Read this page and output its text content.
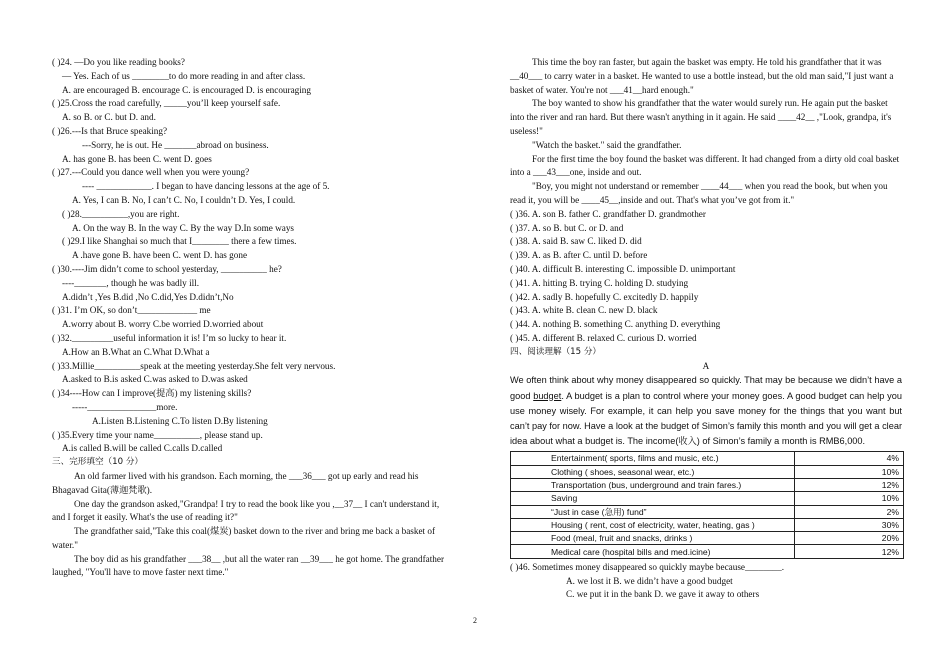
( )24. —Do you like reading books?
— Yes. Each of us ________to do more reading in and after class.
A. are encouraged B. encourage C. is encouraged D. is encouraging
( )25.Cross the road carefully, _____you’ll keep yourself safe.
A. so B. or C. but D. and.
( )26.---Is that Bruce speaking?
---Sorry, he is out. He _______abroad on business.
A. has gone B. has been C. went D. goes
( )27.---Could you dance well when you were young?
---- ____________. I began to have dancing lessons at the age of 5.
A. Yes, I can B. No, I can’t C. No, I couldn’t D. Yes, I could.
( )28.__________,you are right.
A. On the way B. In the way C. By the way D.In some ways
( )29.I like Shanghai so much that I________ there a few times.
A .have gone B. have been C. went D. has gone
( )30.----Jim didn’t come to school yesterday, __________ he?
----_______, though he was badly ill.
A.didn’t ,Yes B.did ,No C.did,Yes D.didn’t,No
( )31. I’m OK, so don’t_____________ me
A.worry about B. worry C.be worried D.worried about
( )32._________useful information it is! I’m so lucky to hear it.
A.How an B.What an C.What D.What a
( )33.Millie__________speak at the meeting yesterday.She felt very nervous.
A.asked to B.is asked C.was asked to D.was asked
( )34----How can I improve(提高) my listening skills?
-----_______________more.
A.Listen B.Listening C.To listen D.By listening
( )35.Every time your name__________, please stand up.
A.is called B.will be called C.calls D.called
三、完形填空（10 分）
An old farmer lived with his grandson. Each morning, the ___36___ got up early and read his Bhagavad Gita(薄迦梵歌).
One day the grandson asked,"Grandpa! I try to read the book like you ,__37__ I can't understand it, and I forget it easily. What's the use of reading it?"
The grandfather said,"Take this coal(煤炭) basket down to the river and bring me back a basket of water."
The boy did as his grandfather ___38__ ,but all the water ran __39___ he got home. The grandfather laughed, "You'll have to move faster next time."
This time the boy ran faster, but again the basket was empty. He told his grandfather that it was __40___ to carry water in a basket. He wanted to use a bottle instead, but the old man said,"I just want a basket of water. You're not ___41__hard enough."
The boy wanted to show his grandfather that the water would surely run. He again put the basket into the river and ran hard. But there wasn't anything in it again. He said ____42__ ,"Look, grandpa, it's useless!"
"Watch the basket." said the grandfather.
For the first time the boy found the basket was different. It had changed from a dirty old coal basket into a ___43___one, inside and out.
"Boy, you might not understand or remember ____44___ when you read the book, but when you read it, you will be ____45__,inside and out. That's what you’ve got from it."
( )36. A. son B. father C. grandfather D. grandmother
( )37. A. so B. but C. or D. and
( )38. A. said B. saw C. liked D. did
( )39. A. as B. after C. until D. before
( )40. A. difficult B. interesting C. impossible D. unimportant
( )41. A. hitting B. trying C. holding D. studying
( )42. A. sadly B. hopefully C. excitedly D. happily
( )43. A. white B. clean C. new D. black
( )44. A. nothing B. something C. anything D. everything
( )45. A. different B. relaxed C. curious D. worried
四、阅读理解（15 分）
A
We often think about why money disappeared so quickly. That may be because we didn’t have a good budget. A budget is a plan to control where your money goes. A good budget can help you use money wisely. For example, it can help you save money for the things that you want but can’t pay for now. Have a look at the budget of Simon’s family this month and you will get a clear idea about what a budget is. The income(收入) of Simon’s family a month is RMB6,000.
Entertainment( sports, films and music, etc.)	4%
Clothing ( shoes, seasonal wear, etc.)	10%
Transportation (bus, underground and train fares.)	12%
Saving	10%
“Just in case (急用) fund”	2%
Housing ( rent, cost of electricity, water, heating, gas )	30%
Food (meal, fruit and snacks, drinks )	20%
Medical care (hospital bills and med.icine)	12%
( )46. Sometimes money disappeared so quickly maybe because________.
A. we lost it B. we didn’t have a good budget
C. we put it in the bank D. we gave it away to others
2
